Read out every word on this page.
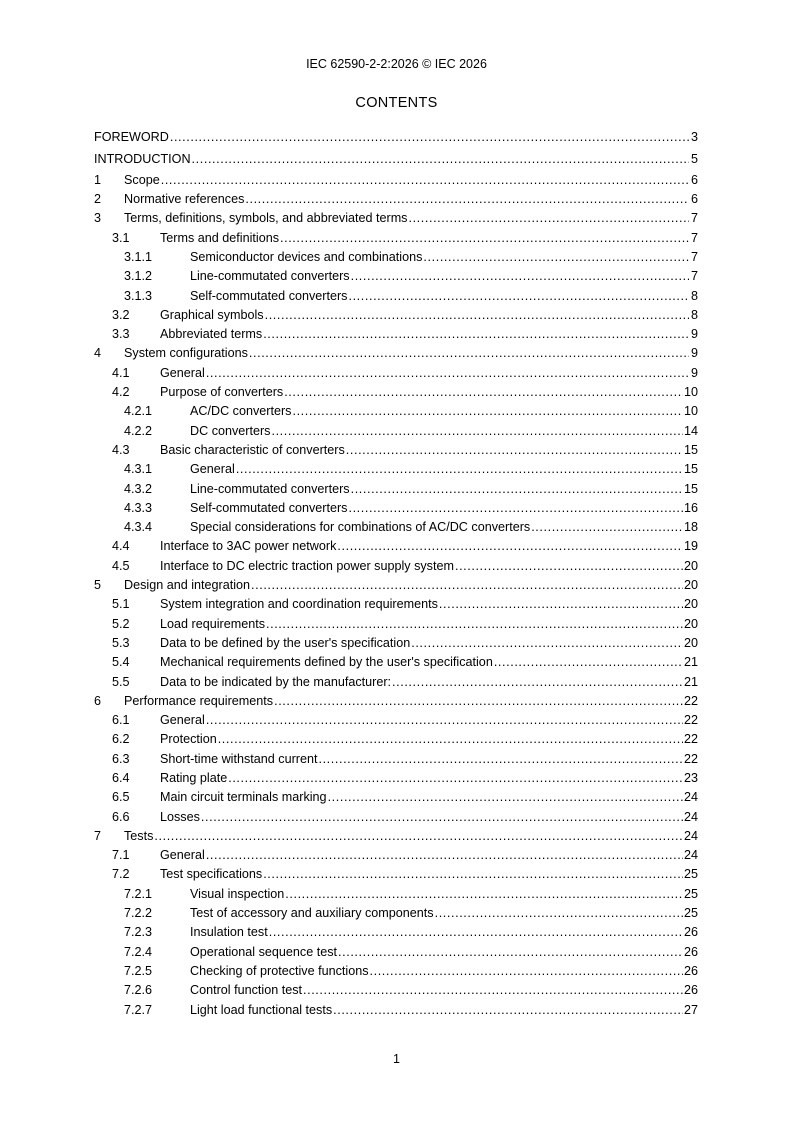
IEC 62590-2-2:2026 © IEC 2026
CONTENTS
FOREWORD .....	3
INTRODUCTION .....	5
1	Scope .....	6
2	Normative references .....	6
3	Terms, definitions, symbols, and abbreviated terms .....	7
3.1	Terms and definitions .....	7
3.1.1	Semiconductor devices and combinations .....	7
3.1.2	Line-commutated converters .....	7
3.1.3	Self-commutated converters .....	8
3.2	Graphical symbols .....	8
3.3	Abbreviated terms .....	9
4	System configurations .....	9
4.1	General .....	9
4.2	Purpose of converters .....	10
4.2.1	AC/DC converters .....	10
4.2.2	DC converters .....	14
4.3	Basic characteristic of converters .....	15
4.3.1	General .....	15
4.3.2	Line-commutated converters .....	15
4.3.3	Self-commutated converters .....	16
4.3.4	Special considerations for combinations of AC/DC converters .....	18
4.4	Interface to 3AC power network .....	19
4.5	Interface to DC electric traction power supply system .....	20
5	Design and integration .....	20
5.1	System integration and coordination requirements .....	20
5.2	Load requirements .....	20
5.3	Data to be defined by the user's specification .....	20
5.4	Mechanical requirements defined by the user's specification .....	21
5.5	Data to be indicated by the manufacturer: .....	21
6	Performance requirements .....	22
6.1	General .....	22
6.2	Protection .....	22
6.3	Short-time withstand current .....	22
6.4	Rating plate .....	23
6.5	Main circuit terminals marking .....	24
6.6	Losses .....	24
7	Tests .....	24
7.1	General .....	24
7.2	Test specifications .....	25
7.2.1	Visual inspection .....	25
7.2.2	Test of accessory and auxiliary components .....	25
7.2.3	Insulation test .....	26
7.2.4	Operational sequence test .....	26
7.2.5	Checking of protective functions .....	26
7.2.6	Control function test .....	26
7.2.7	Light load functional tests .....	27
1
